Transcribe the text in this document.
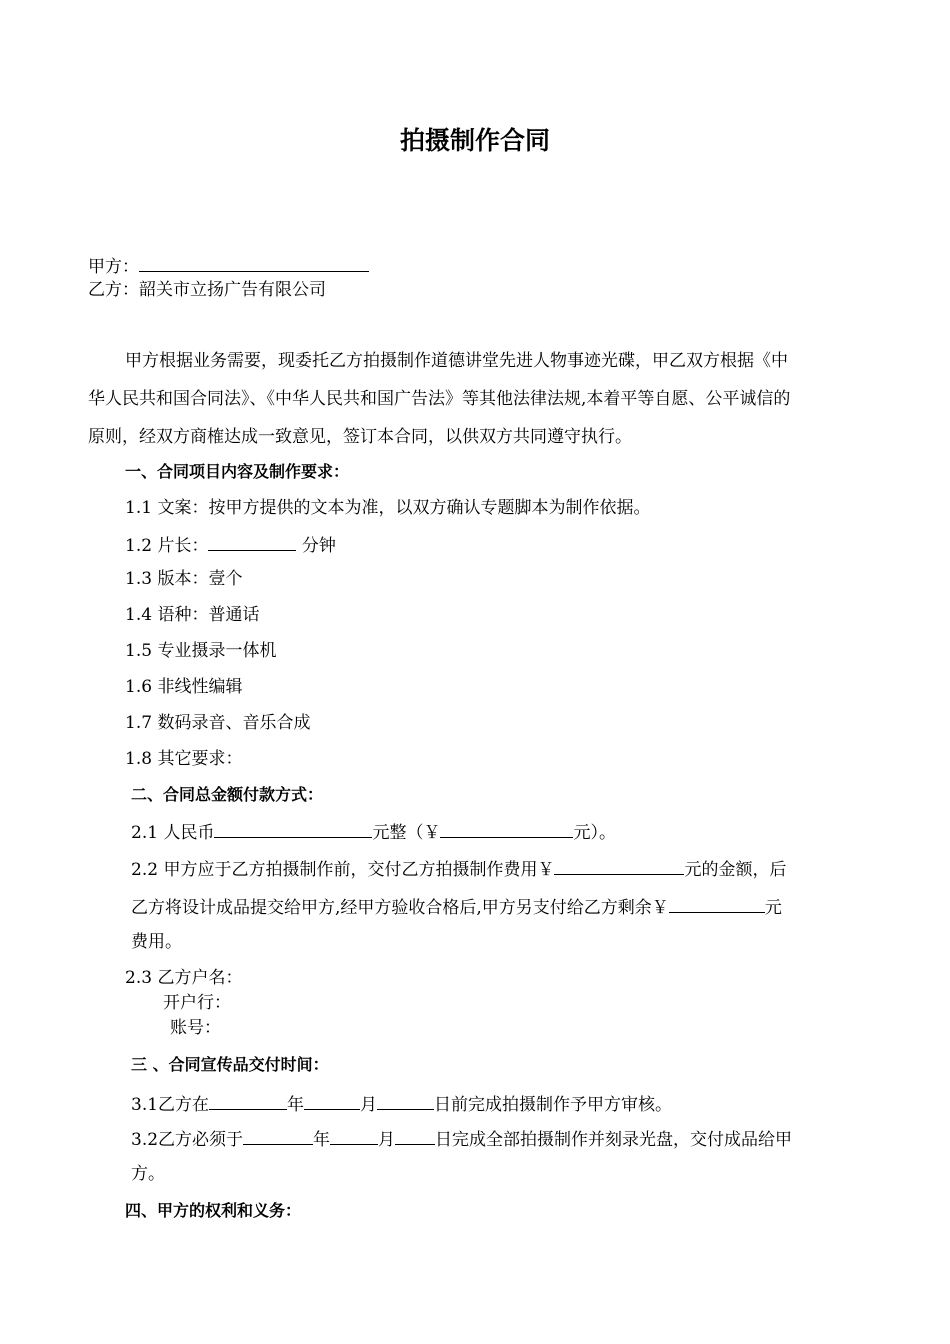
拍摄制作合同
甲方：
乙方：韶关市立扬广告有限公司
甲方根据业务需要，现委托乙方拍摄制作道德讲堂先进人物事迹光碟，甲乙双方根据《中
华人民共和国合同法》、《中华人民共和国广告法》等其他法律法规,本着平等自愿、公平诚信的
原则，经双方商榷达成一致意见，签订本合同，以供双方共同遵守执行。
一、合同项目内容及制作要求：
1.1 文案：按甲方提供的文本为准，以双方确认专题脚本为制作依据。
1.2 片长：	分钟
1.3 版本：壹个
1.4 语种：普通话
1.5 专业摄录一体机
1.6 非线性编辑
1.7 数码录音、音乐合成
1.8 其它要求：
二、合同总金额付款方式：
2.1 人民币	元整（￥	元）。
2.2 甲方应于乙方拍摄制作前，交付乙方拍摄制作费用￥	元的金额，后
乙方将设计成品提交给甲方,经甲方验收合格后,甲方另支付给乙方剩余￥	元
费用。
2.3 乙方户名：
开户行：
账号：
三 、合同宣传品交付时间：
3.1乙方在	年	月	日前完成拍摄制作予甲方审核。
3.2乙方必须于	年	月 日完成全部拍摄制作并刻录光盘，交付成品给甲
方。
四、甲方的权利和义务：
